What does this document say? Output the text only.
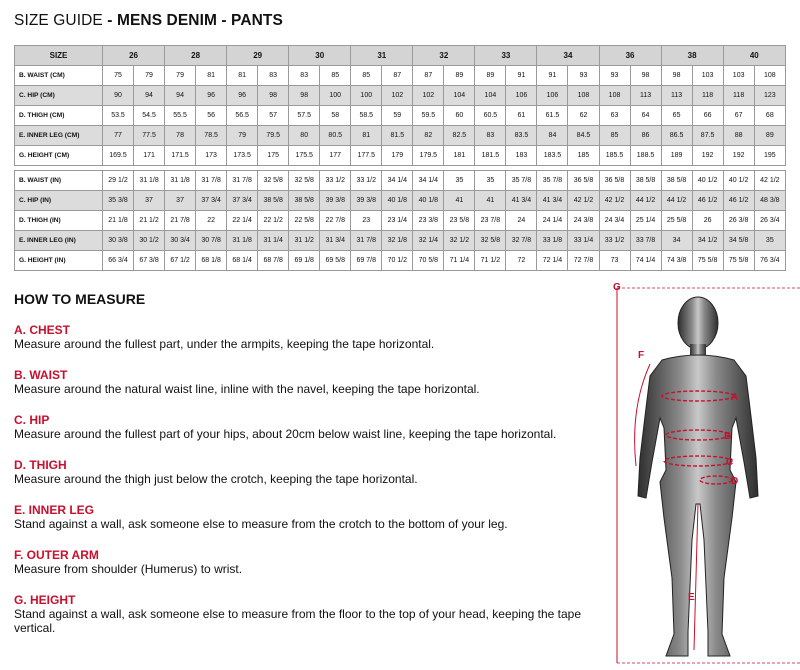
SIZE GUIDE - MENS DENIM - PANTS
SIZE	26		28		29		30		31		32		33		34		36		38		40	
B. WAIST (CM)	75	79	79	81	81	83	83	85	85	87	87	89	89	91	91	93	93	98	98	103	103	108
C. HIP (CM)	90	94	94	96	96	98	98	100	100	102	102	104	104	106	106	108	108	113	113	118	118	123
D. THIGH (CM)	53.5	54.5	55.5	56	56.5	57	57.5	58	58.5	59	59.5	60	60.5	61	61.5	62	63	64	65	66	67	68
E. INNER LEG (CM)	77	77.5	78	78.5	79	79.5	80	80.5	81	81.5	82	82.5	83	83.5	84	84.5	85	86	86.5	87.5	88	89
G. HEIGHT (CM)	169.5	171	171.5	173	173.5	175	175.5	177	177.5	179	179.5	181	181.5	183	183.5	185	185.5	188.5	189	192	192	195

B. WAIST (IN)	29 1/2	31 1/8	31 1/8	31 7/8	31 7/8	32 5/8	32 5/8	33 1/2	33 1/2	34 1/4	34 1/4	35	35	35 7/8	35 7/8	36 5/8	36 5/8	38 5/8	38 5/8	40 1/2	40 1/2	42 1/2
C. HIP (IN)	35 3/8	37	37	37 3/4	37 3/4	38 5/8	38 5/8	39 3/8	39 3/8	40 1/8	40 1/8	41	41	41 3/4	41 3/4	42 1/2	42 1/2	44 1/2	44 1/2	46 1/2	46 1/2	48 3/8
D. THIGH (IN)	21 1/8	21 1/2	21 7/8	22	22 1/4	22 1/2	22 5/8	22 7/8	23	23 1/4	23 3/8	23 5/8	23 7/8	24	24 1/4	24 3/8	24 3/4	25 1/4	25 5/8	26	26 3/8	26 3/4
E. INNER LEG (IN)	30 3/8	30 1/2	30 3/4	30 7/8	31 1/8	31 1/4	31 1/2	31 3/4	31 7/8	32 1/8	32 1/4	32 1/2	32 5/8	32 7/8	33 1/8	33 1/4	33 1/2	33 7/8	34	34 1/2	34 5/8	35
G. HEIGHT (IN)	66 3/4	67 3/8	67 1/2	68 1/8	68 1/4	68 7/8	69 1/8	69 5/8	69 7/8	70 1/2	70 5/8	71 1/4	71 1/2	72	72 1/4	72 7/8	73	74 1/4	74 3/8	75 5/8	75 5/8	76 3/4
HOW TO MEASURE
A. CHEST
Measure around the fullest part, under the armpits, keeping the tape horizontal.
B. WAIST
Measure around the natural waist line, inline with the navel, keeping the tape horizontal.
C. HIP
Measure around the fullest part of your hips, about 20cm below waist line, keeping the tape horizontal.
D. THIGH
Measure around the thigh just below the crotch, keeping the tape horizontal.
E. INNER LEG
Stand against a wall, ask someone else to measure from the crotch to the bottom of your leg.
F. OUTER ARM
Measure from shoulder (Humerus) to wrist.
G. HEIGHT
Stand against a wall, ask someone else to measure from the floor to the top of your head, keeping the tape vertical.
G
F
A
B
C
D
E
